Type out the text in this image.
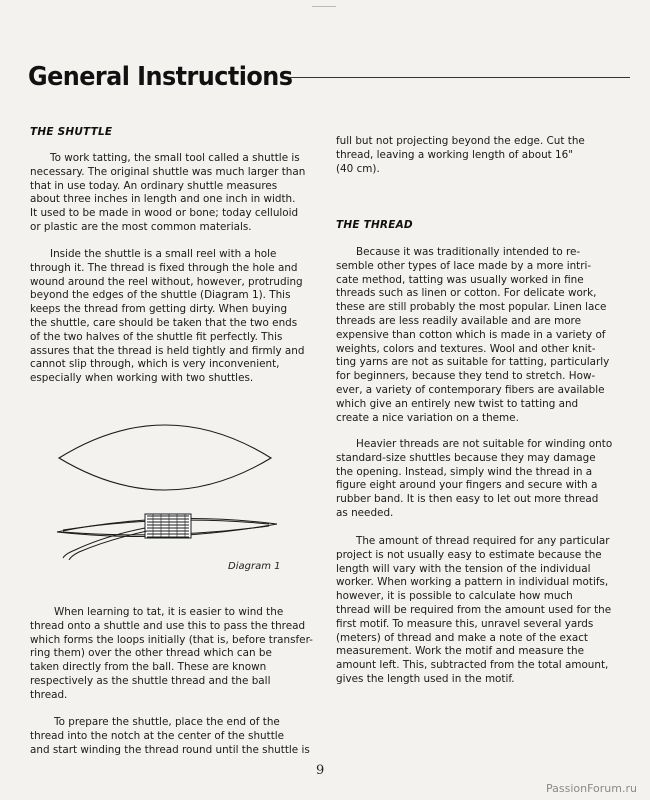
General Instructions
THE SHUTTLE
To work tatting, the small tool called a shuttle is
necessary. The original shuttle was much larger than
that in use today. An ordinary shuttle measures
about three inches in length and one inch in width.
It used to be made in wood or bone; today celluloid
or plastic are the most common materials.
Inside the shuttle is a small reel with a hole
through it. The thread is fixed through the hole and
wound around the reel without, however, protruding
beyond the edges of the shuttle (Diagram 1). This
keeps the thread from getting dirty. When buying
the shuttle, care should be taken that the two ends
of the two halves of the shuttle fit perfectly. This
assures that the thread is held tightly and firmly and
cannot slip through, which is very inconvenient,
especially when working with two shuttles.
Diagram 1
When learning to tat, it is easier to wind the
thread onto a shuttle and use this to pass the thread
which forms the loops initially (that is, before transfer-
ring them) over the other thread which can be
taken directly from the ball. These are known
respectively as the shuttle thread and the ball
thread.
To prepare the shuttle, place the end of the
thread into the notch at the center of the shuttle
and start winding the thread round until the shuttle is
full but not projecting beyond the edge. Cut the
thread, leaving a working length of about 16"
(40 cm).
THE THREAD
Because it was traditionally intended to re-
semble other types of lace made by a more intri-
cate method, tatting was usually worked in fine
threads such as linen or cotton. For delicate work,
these are still probably the most popular. Linen lace
threads are less readily available and are more
expensive than cotton which is made in a variety of
weights, colors and textures. Wool and other knit-
ting yarns are not as suitable for tatting, particularly
for beginners, because they tend to stretch. How-
ever, a variety of contemporary fibers are available
which give an entirely new twist to tatting and
create a nice variation on a theme.
Heavier threads are not suitable for winding onto
standard-size shuttles because they may damage
the opening. Instead, simply wind the thread in a
figure eight around your fingers and secure with a
rubber band. It is then easy to let out more thread
as needed.
The amount of thread required for any particular
project is not usually easy to estimate because the
length will vary with the tension of the individual
worker. When working a pattern in individual motifs,
however, it is possible to calculate how much
thread will be required from the amount used for the
first motif. To measure this, unravel several yards
(meters) of thread and make a note of the exact
measurement. Work the motif and measure the
amount left. This, subtracted from the total amount,
gives the length used in the motif.
9
PassionForum.ru
